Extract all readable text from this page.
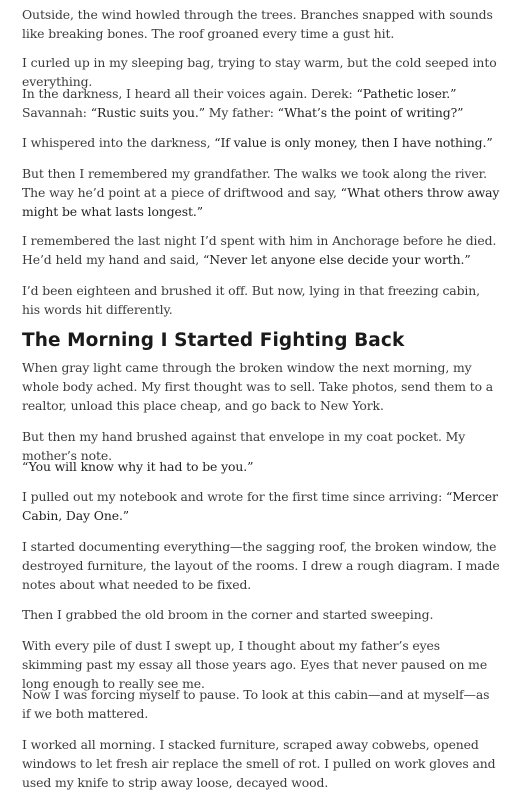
Outside, the wind howled through the trees. Branches snapped with sounds like breaking bones. The roof groaned every time a gust hit.

I curled up in my sleeping bag, trying to stay warm, but the cold seeped into everything.

In the darkness, I heard all their voices again. Derek: “Pathetic loser.” Savannah: “Rustic suits you.” My father: “What’s the point of writing?”

I whispered into the darkness, “If value is only money, then I have nothing.”

But then I remembered my grandfather. The walks we took along the river. The way he’d point at a piece of driftwood and say, “What others throw away might be what lasts longest.”

I remembered the last night I’d spent with him in Anchorage before he died. He’d held my hand and said, “Never let anyone else decide your worth.”

I’d been eighteen and brushed it off. But now, lying in that freezing cabin, his words hit differently.

The Morning I Started Fighting Back

When gray light came through the broken window the next morning, my whole body ached. My first thought was to sell. Take photos, send them to a realtor, unload this place cheap, and go back to New York.

But then my hand brushed against that envelope in my coat pocket. My mother’s note.

“You will know why it had to be you.”

I pulled out my notebook and wrote for the first time since arriving: “Mercer Cabin, Day One.”

I started documenting everything—the sagging roof, the broken window, the destroyed furniture, the layout of the rooms. I drew a rough diagram. I made notes about what needed to be fixed.

Then I grabbed the old broom in the corner and started sweeping.

With every pile of dust I swept up, I thought about my father’s eyes skimming past my essay all those years ago. Eyes that never paused on me long enough to really see me.

Now I was forcing myself to pause. To look at this cabin—and at myself—as if we both mattered.

I worked all morning. I stacked furniture, scraped away cobwebs, opened windows to let fresh air replace the smell of rot. I pulled on work gloves and used my knife to strip away loose, decayed wood.
